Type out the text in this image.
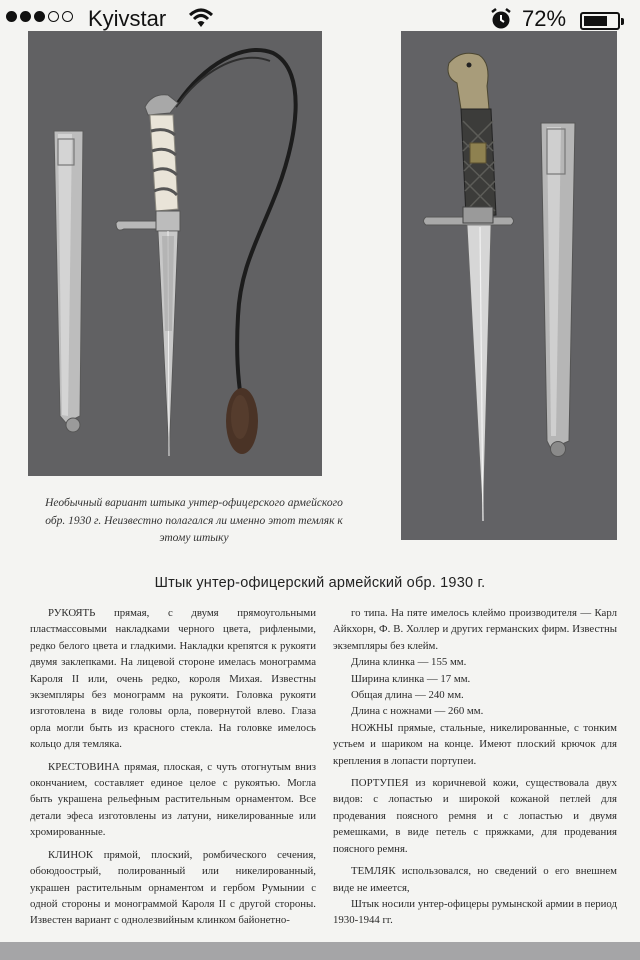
Kyivstar	72%
Необычный вариант штыка унтер-офицерского армейского обр. 1930 г. Неизвестно полагался ли именно этот темляк к этому штыку
Штык унтер-офицерский армейский обр. 1930 г.

РУКОЯТЬ прямая, с двумя прямоугольными пластмассовыми накладками черного цвета, рифлеными, редко белого цвета и гладкими. Накладки крепятся к рукояти двумя заклепками. На лицевой стороне имелась монограмма Кароля II или, очень редко, короля Михая. Известны экземпляры без монограмм на рукояти. Головка рукояти изготовлена в виде головы орла, повернутой влево. Глаза орла могли быть из красного стекла. На головке имелось кольцо для темляка.

КРЕСТОВИНА прямая, плоская, с чуть отогнутым вниз окончанием, составляет единое целое с рукоятью. Могла быть украшена рельефным растительным орнаментом. Все детали эфеса изготовлены из латуни, никелированные или хромированные.

КЛИНОК прямой, плоский, ромбического сечения, обоюдоострый, полированный или никелированный, украшен растительным орнаментом и гербом Румынии с одной стороны и монограммой Кароля II с другой стороны. Известен вариант с однолезвийным клинком байонетно-

го типа. На пяте имелось клеймо производителя — Карл Айкхорн, Ф. В. Холлер и других германских фирм. Известны экземпляры без клейм.

Длина клинка — 155 мм.

Ширина клинка — 17 мм.

Общая длина — 240 мм.

Длина с ножнами — 260 мм.

НОЖНЫ прямые, стальные, никелированные, с тонким устьем и шариком на конце. Имеют плоский крючок для крепления в лопасти портупеи.

ПОРТУПЕЯ из коричневой кожи, существовала двух видов: с лопастью и широкой кожаной петлей для продевания поясного ремня и с лопастью и двумя ремешками, в виде петель с пряжками, для продевания поясного ремня.

ТЕМЛЯК использовался, но сведений о его внешнем виде не имеется,

Штык носили унтер-офицеры румынской армии в период 1930-1944 гг.
